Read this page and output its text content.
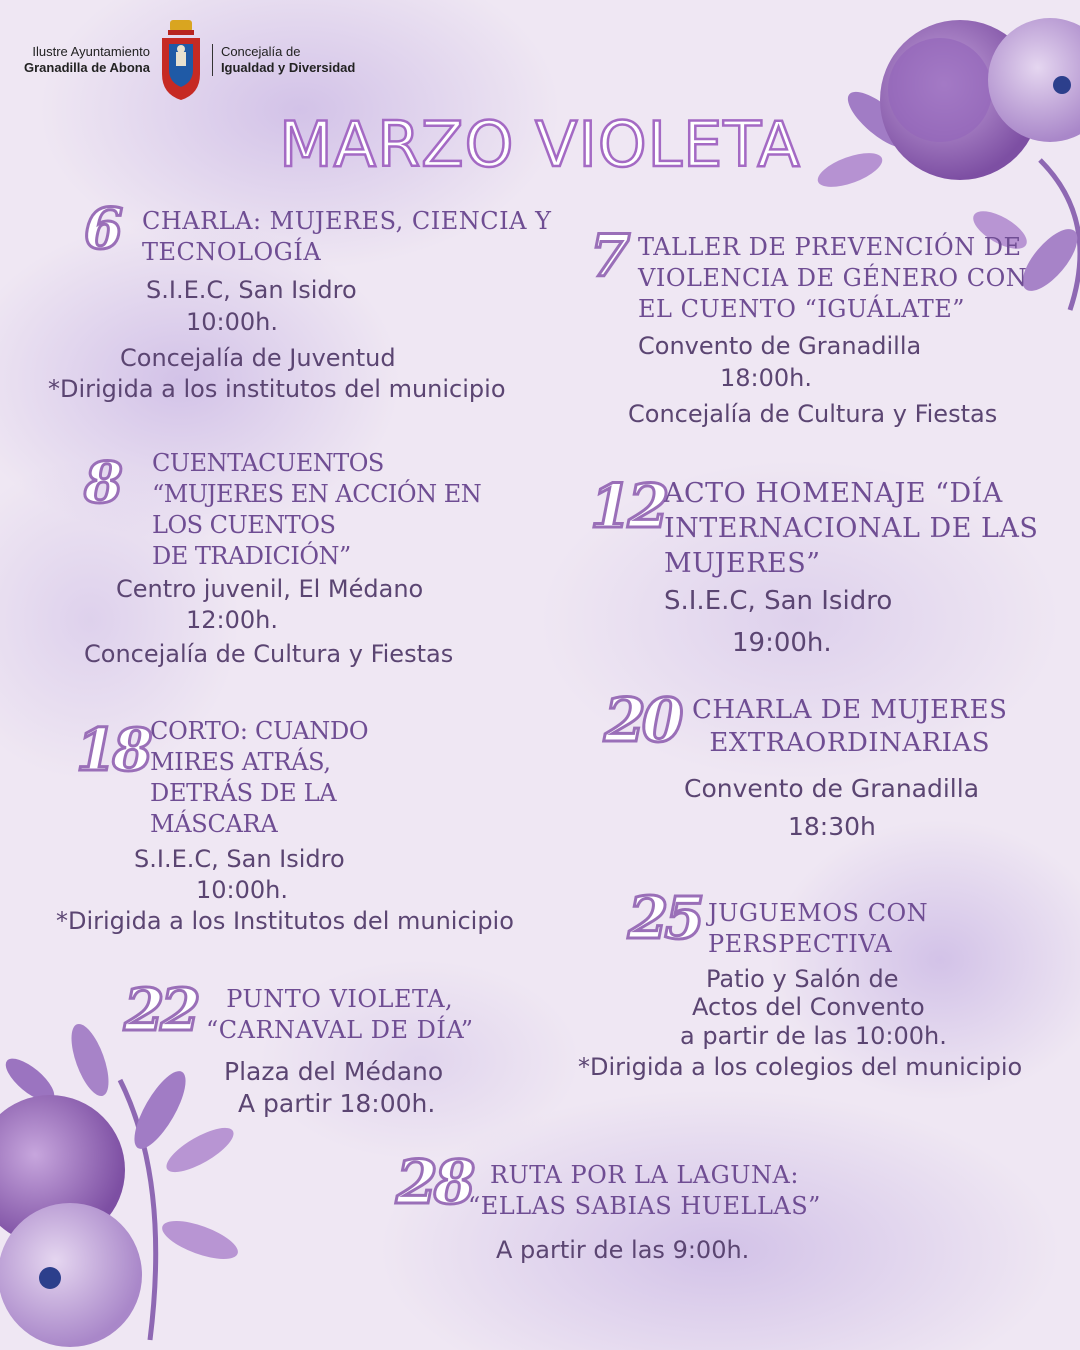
Ilustre Ayuntamiento
Granadilla de Abona
Concejalía de
Igualdad y Diversidad
MARZO VIOLETA
6 CHARLA: MUJERES, CIENCIA Y
TECNOLOGÍA
S.I.E.C, San Isidro
10:00h.
Concejalía de Juventud
*Dirigida a los institutos del municipio
7 TALLER DE PREVENCIÓN DE
VIOLENCIA DE GÉNERO CON
EL CUENTO “IGUÁLATE”
Convento de Granadilla
18:00h.
Concejalía de Cultura y Fiestas
8 CUENTACUENTOS
“MUJERES EN ACCIÓN EN
LOS CUENTOS
DE TRADICIÓN”
Centro juvenil, El Médano
12:00h.
Concejalía de Cultura y Fiestas
12
ACTO HOMENAJE “DÍA
INTERNACIONAL DE LAS
MUJERES”
S.I.E.C, San Isidro
19:00h.
18 CORTO: CUANDO
MIRES ATRÁS,
DETRÁS DE LA
MÁSCARA
S.I.E.C, San Isidro
10:00h.
*Dirigida a los Institutos del municipio
20 CHARLA DE MUJERES
EXTRAORDINARIAS
Convento de Granadilla
18:30h
25 JUGUEMOS CON
PERSPECTIVA
Patio y Salón de
Actos del Convento
a partir de las 10:00h.
*Dirigida a los colegios del municipio
22	PUNTO VIOLETA,
“CARNAVAL DE DÍA”
Plaza del Médano
A partir 18:00h.
28 RUTA POR LA LAGUNA:
“ELLAS SABIAS HUELLAS”
A partir de las 9:00h.
